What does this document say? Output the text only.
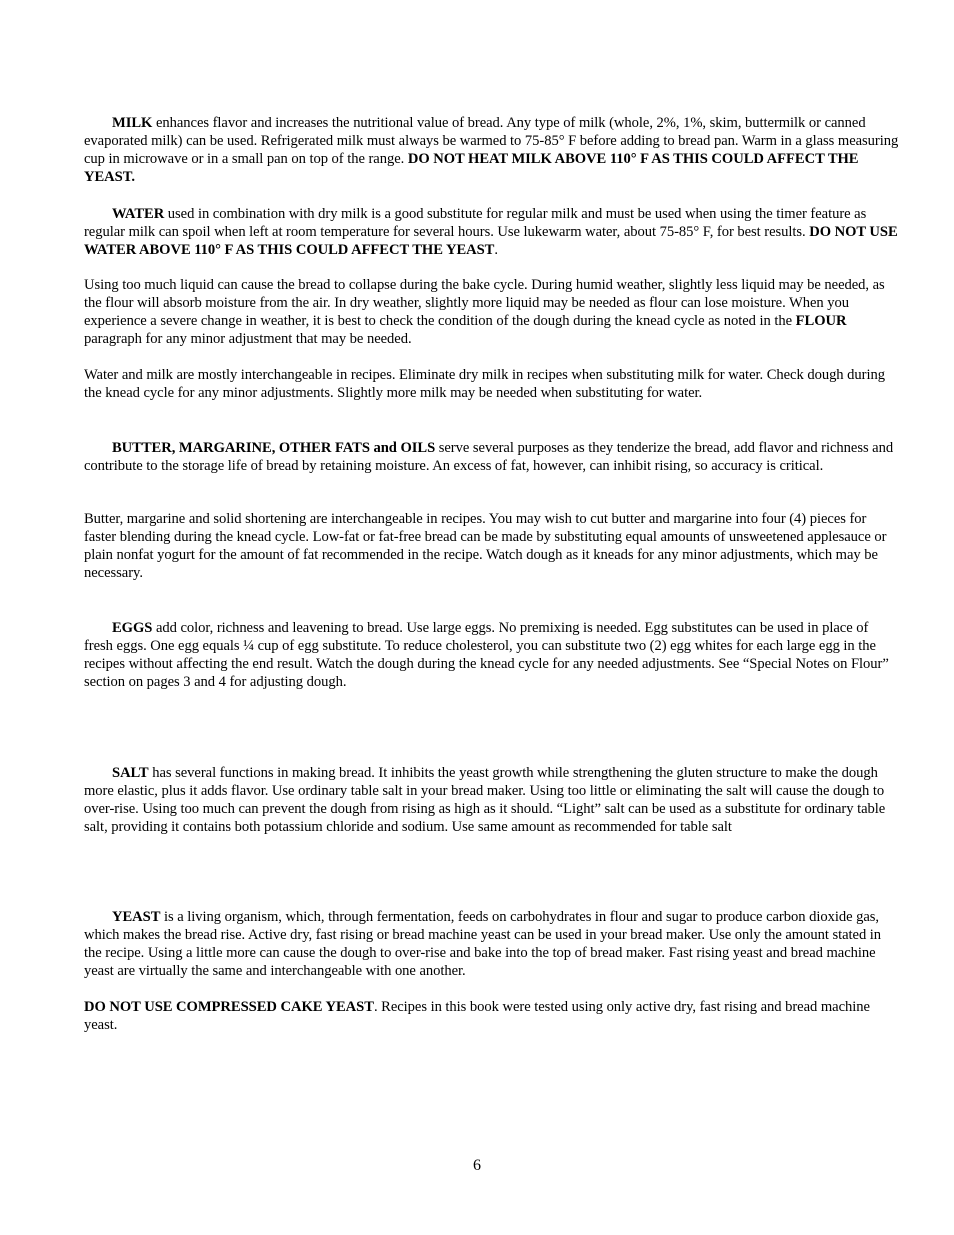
MILK enhances flavor and increases the nutritional value of bread. Any type of milk (whole, 2%, 1%, skim, buttermilk or canned evaporated milk) can be used. Refrigerated milk must always be warmed to 75-85° F before adding to bread pan. Warm in a glass measuring cup in microwave or in a small pan on top of the range. DO NOT HEAT MILK ABOVE 110° F AS THIS COULD AFFECT THE YEAST.

WATER used in combination with dry milk is a good substitute for regular milk and must be used when using the timer feature as regular milk can spoil when left at room temperature for several hours. Use lukewarm water, about 75-85° F, for best results. DO NOT USE WATER ABOVE 110° F AS THIS COULD AFFECT THE YEAST.

Using too much liquid can cause the bread to collapse during the bake cycle. During humid weather, slightly less liquid may be needed, as the flour will absorb moisture from the air. In dry weather, slightly more liquid may be needed as flour can lose moisture. When you experience a severe change in weather, it is best to check the condition of the dough during the knead cycle as noted in the FLOUR paragraph for any minor adjustment that may be needed.

Water and milk are mostly interchangeable in recipes. Eliminate dry milk in recipes when substituting milk for water. Check dough during the knead cycle for any minor adjustments. Slightly more milk may be needed when substituting for water.

BUTTER, MARGARINE, OTHER FATS and OILS serve several purposes as they tenderize the bread, add flavor and richness and contribute to the storage life of bread by retaining moisture. An excess of fat, however, can inhibit rising, so accuracy is critical.

Butter, margarine and solid shortening are interchangeable in recipes. You may wish to cut butter and margarine into four (4) pieces for faster blending during the knead cycle. Low-fat or fat-free bread can be made by substituting equal amounts of unsweetened applesauce or plain nonfat yogurt for the amount of fat recommended in the recipe. Watch dough as it kneads for any minor adjustments, which may be necessary.

EGGS add color, richness and leavening to bread. Use large eggs. No premixing is needed. Egg substitutes can be used in place of fresh eggs. One egg equals ¼ cup of egg substitute. To reduce cholesterol, you can substitute two (2) egg whites for each large egg in the recipes without affecting the end result. Watch the dough during the knead cycle for any needed adjustments. See “Special Notes on Flour” section on pages 3 and 4 for adjusting dough.

SALT has several functions in making bread. It inhibits the yeast growth while strengthening the gluten structure to make the dough more elastic, plus it adds flavor. Use ordinary table salt in your bread maker. Using too little or eliminating the salt will cause the dough to over-rise. Using too much can prevent the dough from rising as high as it should. “Light” salt can be used as a substitute for ordinary table salt, providing it contains both potassium chloride and sodium. Use same amount as recommended for table salt

YEAST is a living organism, which, through fermentation, feeds on carbohydrates in flour and sugar to produce carbon dioxide gas, which makes the bread rise. Active dry, fast rising or bread machine yeast can be used in your bread maker. Use only the amount stated in the recipe. Using a little more can cause the dough to over-rise and bake into the top of bread maker. Fast rising yeast and bread machine yeast are virtually the same and interchangeable with one another.

DO NOT USE COMPRESSED CAKE YEAST. Recipes in this book were tested using only active dry, fast rising and bread machine yeast.

6
